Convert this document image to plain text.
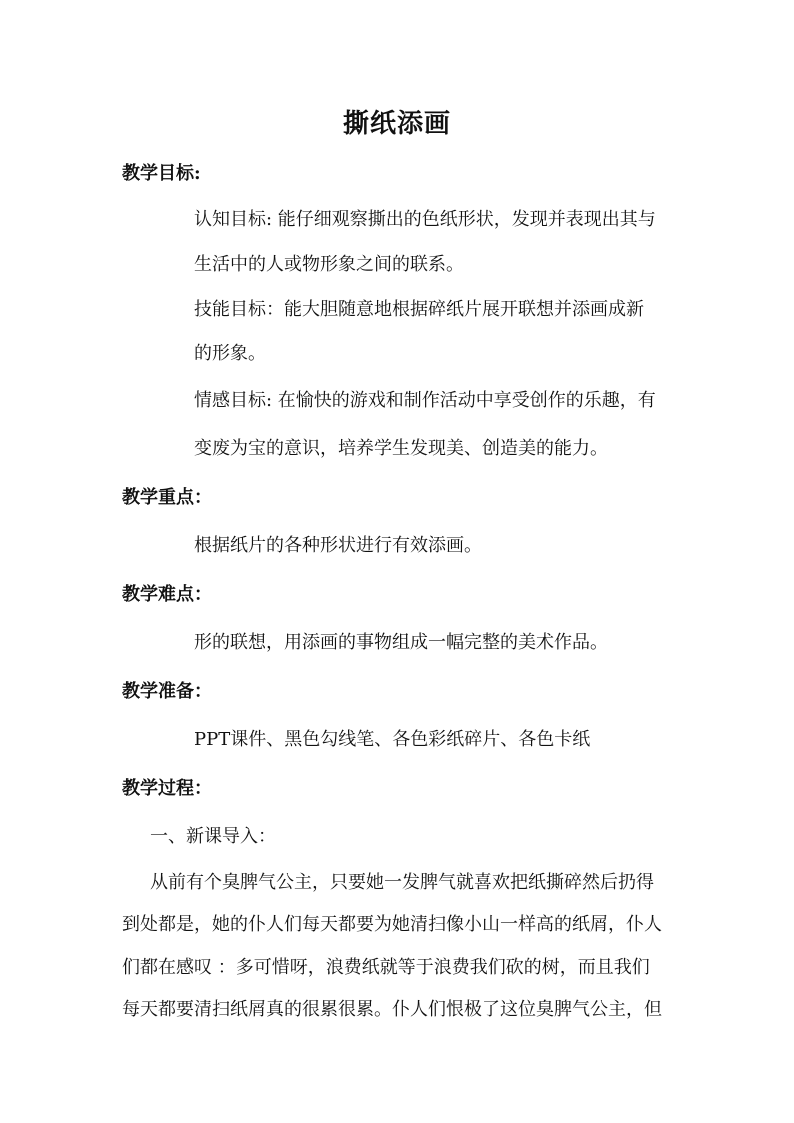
撕纸添画
教学目标:
认知目标: 能仔细观察撕出的色纸形状，发现并表现出其与
生活中的人或物形象之间的联系。
技能目标：能大胆随意地根据碎纸片展开联想并添画成新
的形象。
情感目标: 在愉快的游戏和制作活动中享受创作的乐趣，有
变废为宝的意识，培养学生发现美、创造美的能力。
教学重点：
根据纸片的各种形状进行有效添画。
教学难点：
形的联想，用添画的事物组成一幅完整的美术作品。
教学准备：
PPT课件、黑色勾线笔、各色彩纸碎片、各色卡纸
教学过程：
一、新课导入：
从前有个臭脾气公主，只要她一发脾气就喜欢把纸撕碎然后扔得
到处都是，她的仆人们每天都要为她清扫像小山一样高的纸屑，仆人
们都在感叹 ：多可惜呀，浪费纸就等于浪费我们砍的树，而且我们
每天都要清扫纸屑真的很累很累。仆人们恨极了这位臭脾气公主，但
